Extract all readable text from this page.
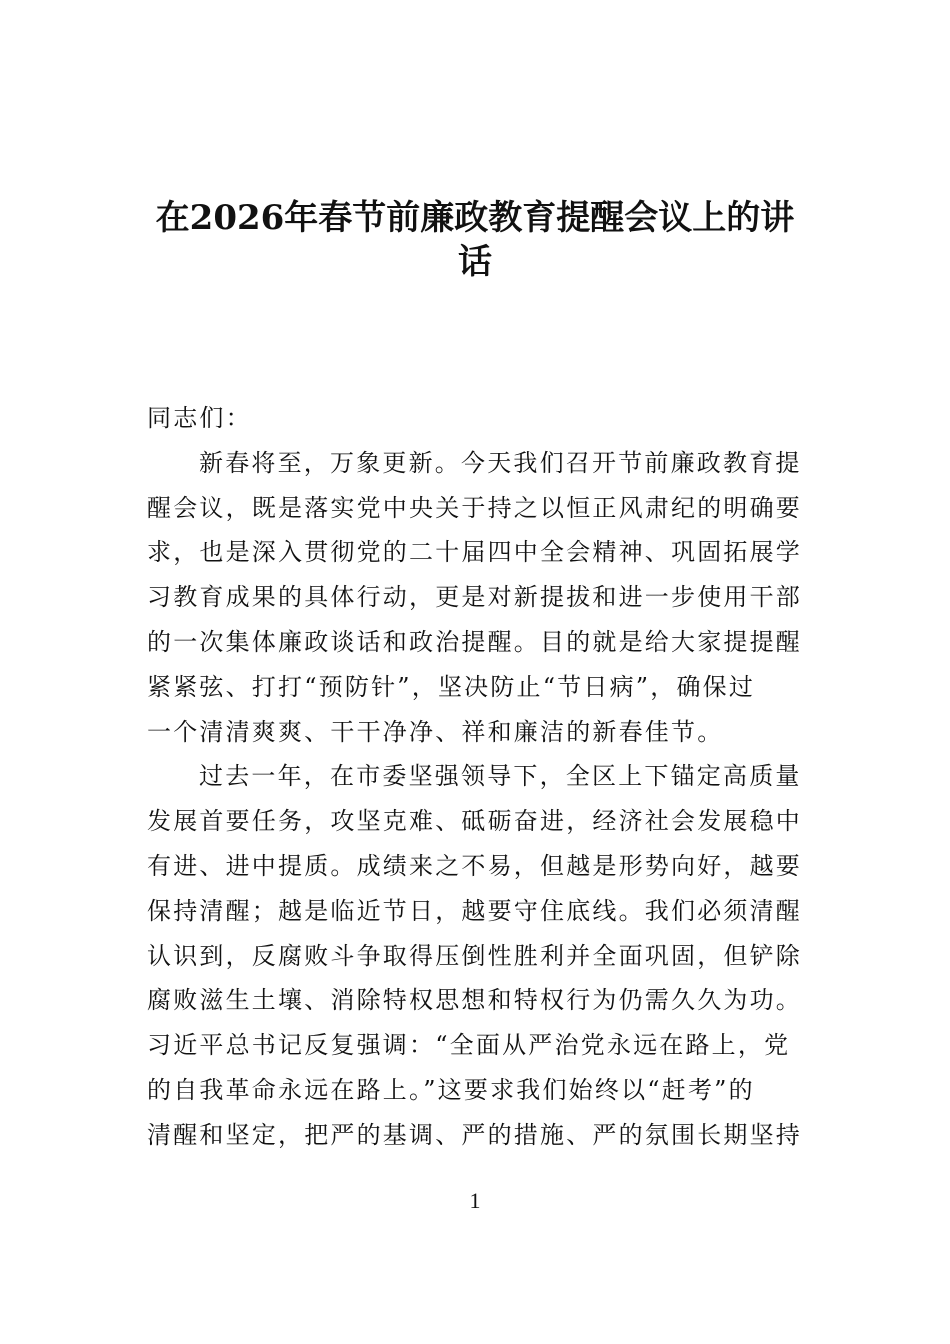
在2026年春节前廉政教育提醒会议上的讲
话
同志们：
新春将至，万象更新。今天我们召开节前廉政教育提
醒会议，既是落实党中央关于持之以恒正风肃纪的明确要
求，也是深入贯彻党的二十届四中全会精神、巩固拓展学
习教育成果的具体行动，更是对新提拔和进一步使用干部
的一次集体廉政谈话和政治提醒。目的就是给大家提提醒
紧紧弦、打打“预防针”，坚决防止“节日病”，确保过
一个清清爽爽、干干净净、祥和廉洁的新春佳节。
过去一年，在市委坚强领导下，全区上下锚定高质量
发展首要任务，攻坚克难、砥砺奋进，经济社会发展稳中
有进、进中提质。成绩来之不易，但越是形势向好，越要
保持清醒；越是临近节日，越要守住底线。我们必须清醒
认识到，反腐败斗争取得压倒性胜利并全面巩固，但铲除
腐败滋生土壤、消除特权思想和特权行为仍需久久为功。
习近平总书记反复强调：“全面从严治党永远在路上，党
的自我革命永远在路上。”这要求我们始终以“赶考”的
清醒和坚定，把严的基调、严的措施、严的氛围长期坚持
1
